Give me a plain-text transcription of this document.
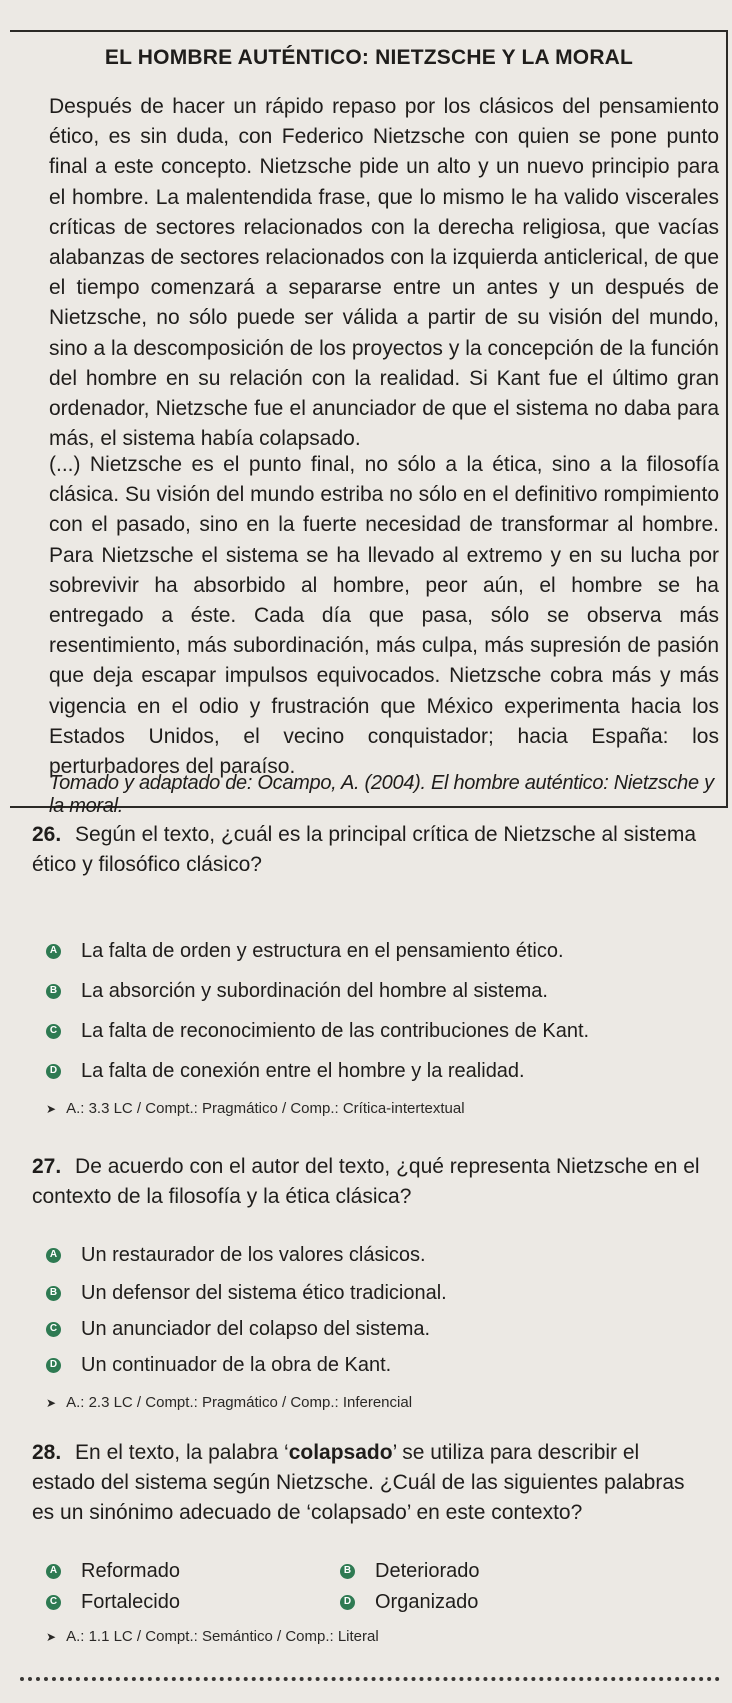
EL HOMBRE AUTÉNTICO: NIETZSCHE Y LA MORAL

Después de hacer un rápido repaso por los clásicos del pensamiento ético, es sin duda, con Federico Nietzsche con quien se pone punto final a este concepto. Nietzsche pide un alto y un nuevo principio para el hombre. La malentendida frase, que lo mismo le ha valido viscerales críticas de sectores relacionados con la derecha religiosa, que vacías alabanzas de sectores relacionados con la izquierda anticlerical, de que el tiempo comenzará a separarse entre un antes y un después de Nietzsche, no sólo puede ser válida a partir de su visión del mundo, sino a la descomposición de los proyectos y la concepción de la función del hombre en su relación con la realidad. Si Kant fue el último gran ordenador, Nietzsche fue el anunciador de que el sistema no daba para más, el sistema había colapsado.

(...) Nietzsche es el punto final, no sólo a la ética, sino a la filosofía clásica. Su visión del mundo estriba no sólo en el definitivo rompimiento con el pasado, sino en la fuerte necesidad de transformar al hombre. Para Nietzsche el sistema se ha llevado al extremo y en su lucha por sobrevivir ha absorbido al hombre, peor aún, el hombre se ha entregado a éste. Cada día que pasa, sólo se observa más resentimiento, más subordinación, más culpa, más supresión de pasión que deja escapar impulsos equivocados. Nietzsche cobra más y más vigencia en el odio y frustración que México experimenta hacia los Estados Unidos, el vecino conquistador; hacia España: los perturbadores del paraíso.

Tomado y adaptado de: Ocampo, A. (2004). El hombre auténtico: Nietzsche y la moral.

26. Según el texto, ¿cuál es la principal crítica de Nietzsche al sistema ético y filosófico clásico?

A La falta de orden y estructura en el pensamiento ético.
B La absorción y subordinación del hombre al sistema.
C La falta de reconocimiento de las contribuciones de Kant.
D La falta de conexión entre el hombre y la realidad.
➤ A.: 3.3 LC / Compt.: Pragmático / Comp.: Crítica-intertextual

27. De acuerdo con el autor del texto, ¿qué representa Nietzsche en el contexto de la filosofía y la ética clásica?

A Un restaurador de los valores clásicos.
B Un defensor del sistema ético tradicional.
C Un anunciador del colapso del sistema.
D Un continuador de la obra de Kant.
➤ A.: 2.3 LC / Compt.: Pragmático / Comp.: Inferencial

28. En el texto, la palabra ‘colapsado’ se utiliza para describir el estado del sistema según Nietzsche. ¿Cuál de las siguientes palabras es un sinónimo adecuado de ‘colapsado’ en este contexto?

A Reformado	B Deteriorado
C Fortalecido	D Organizado
➤ A.: 1.1 LC / Compt.: Semántico / Comp.: Literal
